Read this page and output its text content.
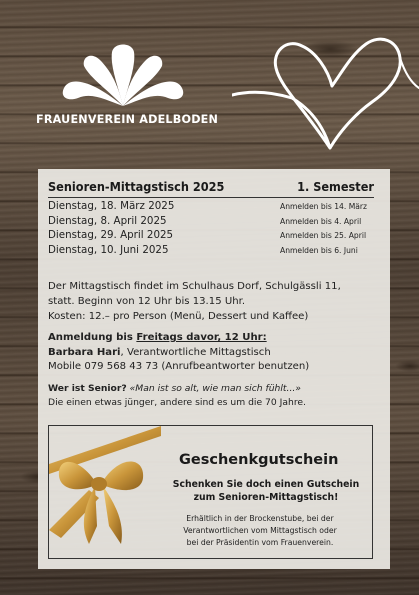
FRAUENVEREIN ADELBODEN
Senioren-Mittagstisch 2025	1. Semester
Dienstag, 18. März 2025	Anmelden bis 14. März
Dienstag, 8. April 2025	Anmelden bis 4. April
Dienstag, 29. April 2025	Anmelden bis 25. April
Dienstag, 10. Juni 2025	Anmelden bis 6. Juni
Der Mittagstisch findet im Schulhaus Dorf, Schulgässli 11,
statt. Beginn von 12 Uhr bis 13.15 Uhr.
Kosten: 12.– pro Person (Menü, Dessert und Kaffee)
Anmeldung bis Freitags davor, 12 Uhr:
Barbara Hari, Verantwortliche Mittagstisch
Mobile 079 568 43 73 (Anrufbeantworter benutzen)
Wer ist Senior? «Man ist so alt, wie man sich fühlt...»
Die einen etwas jünger, andere sind es um die 70 Jahre.
Geschenkgutschein
Schenken Sie doch einen Gutschein
zum Senioren-Mittagstisch!
Erhältlich in der Brockenstube, bei der
Verantwortlichen vom Mittagstisch oder
bei der Präsidentin vom Frauenverein.
